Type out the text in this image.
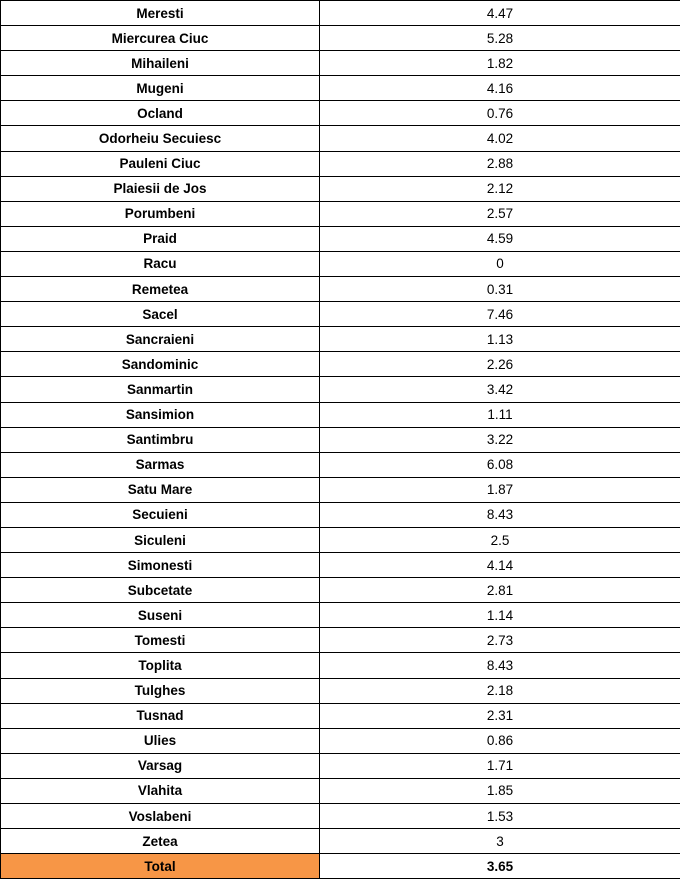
Meresti	4.47
Miercurea Ciuc	5.28
Mihaileni	1.82
Mugeni	4.16
Ocland	0.76
Odorheiu Secuiesc	4.02
Pauleni Ciuc	2.88
Plaiesii de Jos	2.12
Porumbeni	2.57
Praid	4.59
Racu	0
Remetea	0.31
Sacel	7.46
Sancraieni	1.13
Sandominic	2.26
Sanmartin	3.42
Sansimion	1.11
Santimbru	3.22
Sarmas	6.08
Satu Mare	1.87
Secuieni	8.43
Siculeni	2.5
Simonesti	4.14
Subcetate	2.81
Suseni	1.14
Tomesti	2.73
Toplita	8.43
Tulghes	2.18
Tusnad	2.31
Ulies	0.86
Varsag	1.71
Vlahita	1.85
Voslabeni	1.53
Zetea	3
Total	3.65
